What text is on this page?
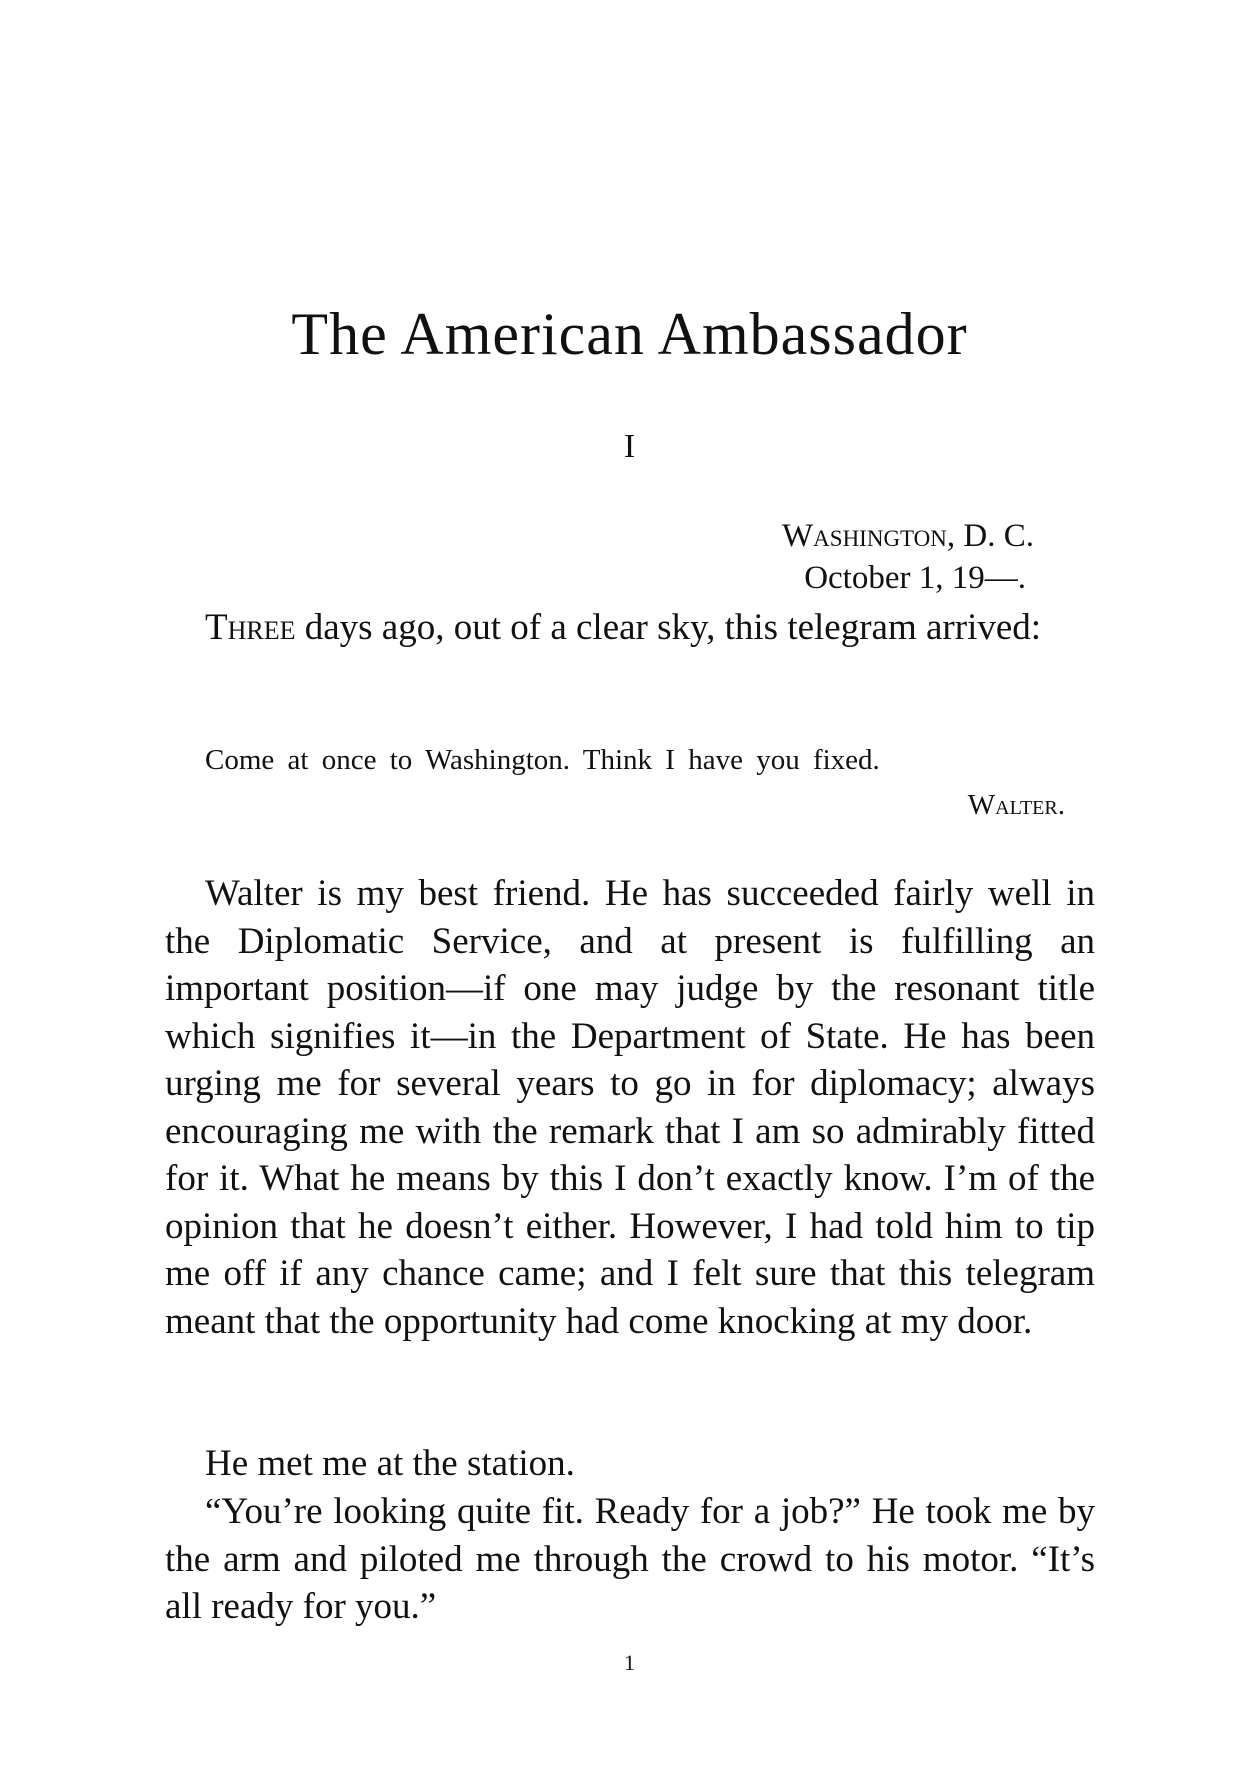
The American Ambassador
I
Washington, D. C.
October 1, 19—.

Three days ago, out of a clear sky, this telegram arrived:

Come at once to Washington. Think I have you fixed.
Walter.

Walter is my best friend. He has succeeded fairly well in the Diplomatic Service, and at present is fulfilling an important position—if one may judge by the resonant title which signifies it—in the Department of State. He has been urging me for several years to go in for diplomacy; always encouraging me with the remark that I am so admirably fitted for it. What he means by this I don’t exactly know. I’m of the opinion that he doesn’t either. However, I had told him to tip me off if any chance came; and I felt sure that this telegram meant that the opportunity had come knocking at my door.

He met me at the station.

“You’re looking quite fit. Ready for a job?” He took me by the arm and piloted me through the crowd to his motor. “It’s all ready for you.”

1
